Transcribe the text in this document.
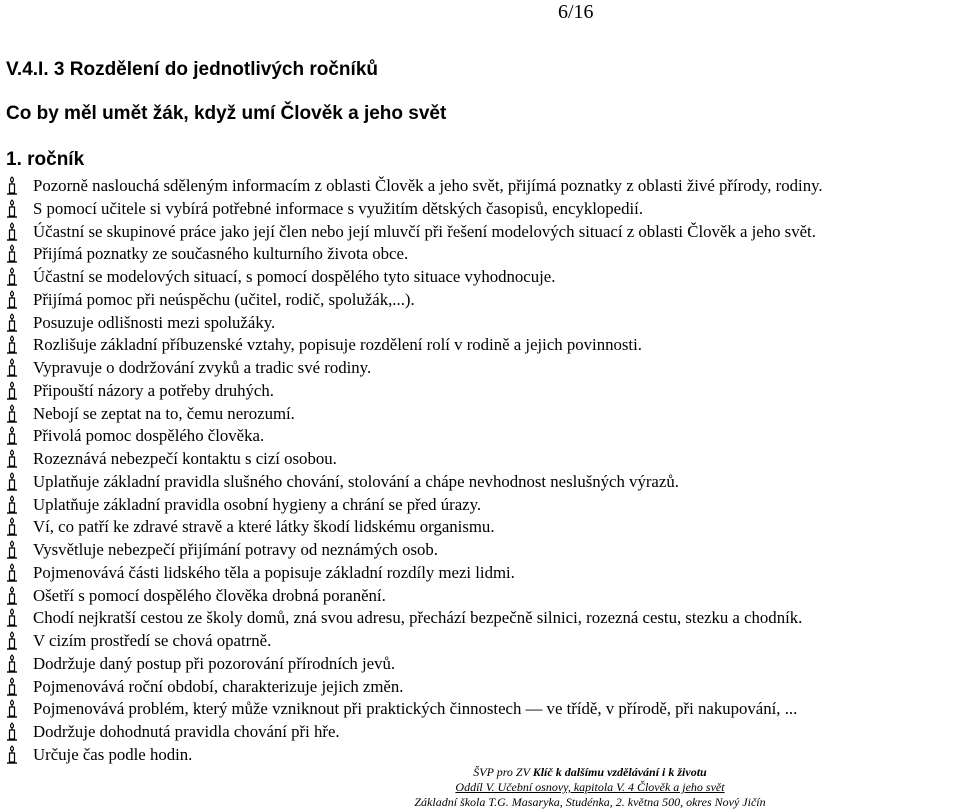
6/16
V.4.I. 3 Rozdělení do jednotlivých ročníků
Co by měl umět žák, když umí Člověk a jeho svět
1. ročník
Pozorně naslouchá sděleným informacím z oblasti Člověk a jeho svět, přijímá poznatky z oblasti živé přírody, rodiny.
S pomocí učitele si vybírá potřebné informace s využitím dětských časopisů, encyklopedií.
Účastní se skupinové práce jako její člen nebo její mluvčí při řešení modelových situací z oblasti Člověk a jeho svět.
Přijímá poznatky ze současného kulturního života obce.
Účastní se modelových situací, s pomocí dospělého tyto situace vyhodnocuje.
Přijímá pomoc při neúspěchu (učitel, rodič, spolužák,...).
Posuzuje odlišnosti mezi spolužáky.
Rozlišuje základní příbuzenské vztahy, popisuje rozdělení rolí v rodině a jejich povinnosti.
Vypravuje o dodržování zvyků a tradic své rodiny.
Připouští názory a potřeby druhých.
Nebojí se zeptat na to, čemu nerozumí.
Přivolá pomoc dospělého člověka.
Rozeznává nebezpečí kontaktu s cizí osobou.
Uplatňuje základní pravidla slušného chování, stolování a chápe nevhodnost neslušných výrazů.
Uplatňuje základní pravidla osobní hygieny a chrání se před úrazy.
Ví, co patří ke zdravé stravě a které látky škodí lidskému organismu.
Vysvětluje nebezpečí přijímání potravy od neznámých osob.
Pojmenovává části lidského těla a popisuje základní rozdíly mezi lidmi.
Ošetří s pomocí dospělého člověka drobná poranění.
Chodí nejkratší cestou ze školy domů, zná svou adresu, přechází bezpečně silnici, rozezná cestu, stezku a chodník.
V cizím prostředí se chová opatrně.
Dodržuje daný postup při pozorování přírodních jevů.
Pojmenovává roční období, charakterizuje jejich změn.
Pojmenovává problém, který může vzniknout při praktických činnostech — ve třídě, v přírodě, při nakupování, ...
Dodržuje dohodnutá pravidla chování při hře.
Určuje čas podle hodin.
ŠVP pro ZV Klíč k dalšímu vzdělávání i k životu
Oddíl V. Učební osnovy, kapitola V. 4 Člověk a jeho svět
Základní škola T.G. Masaryka, Studénka, 2. května 500, okres Nový Jičín
